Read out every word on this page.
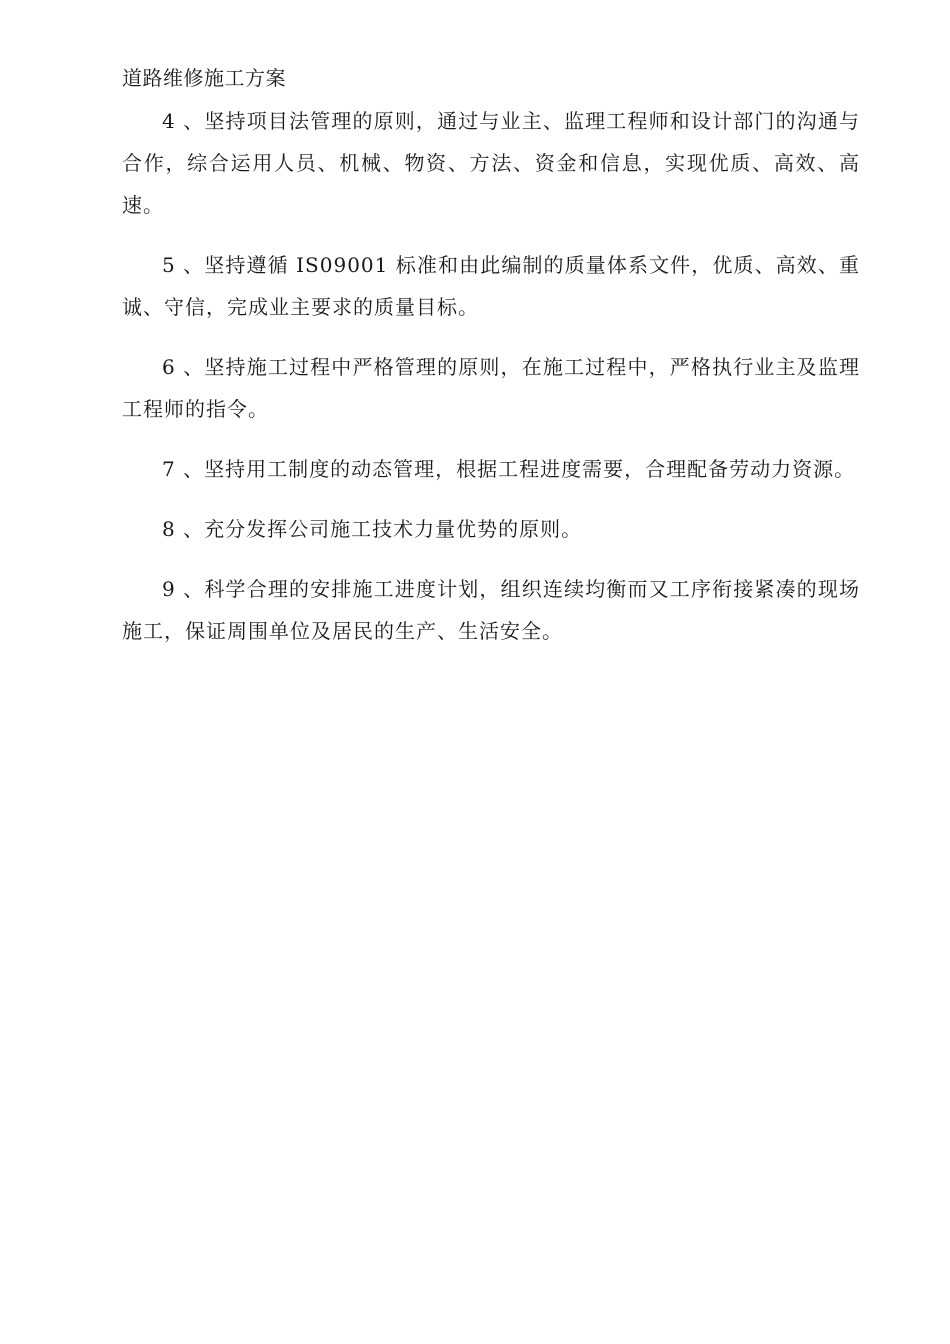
道路维修施工方案

4 、坚持项目法管理的原则，通过与业主、监理工程师和设计部门的沟通与合作，综合运用人员、机械、物资、方法、资金和信息，实现优质、高效、高速。

5 、坚持遵循 IS09001 标准和由此编制的质量体系文件，优质、高效、重诚、守信，完成业主要求的质量目标。

6 、坚持施工过程中严格管理的原则，在施工过程中，严格执行业主及监理工程师的指令。

7 、坚持用工制度的动态管理，根据工程进度需要，合理配备劳动力资源。

8 、充分发挥公司施工技术力量优势的原则。

9 、科学合理的安排施工进度计划，组织连续均衡而又工序衔接紧凑的现场施工，保证周围单位及居民的生产、生活安全。
